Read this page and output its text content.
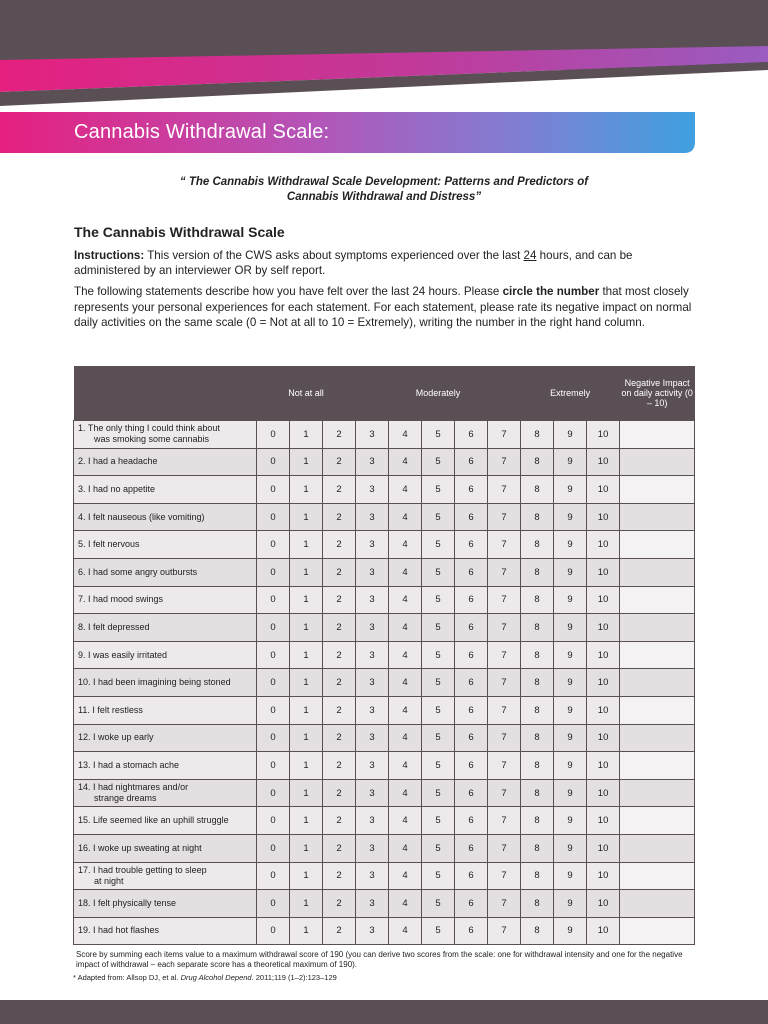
Cannabis Withdrawal Scale:
“ The Cannabis Withdrawal Scale Development: Patterns and Predictors of
Cannabis Withdrawal and Distress”
The Cannabis Withdrawal Scale
Instructions: This version of the CWS asks about symptoms experienced over the last 24 hours, and can be administered by an interviewer OR by self report.
The following statements describe how you have felt over the last 24 hours. Please circle the number that most closely represents your personal experiences for each statement. For each statement, please rate its negative impact on normal daily activities on the same scale (0 = Not at all to 10 = Extremely), writing the number in the right hand column.
	Not at all			Moderately					Extremely			Negative Impact on daily activity (0 – 10)
1. The only thing I could think about
was smoking some cannabis	0	1	2	3	4	5	6	7	8	9	10	
2. I had a headache	0	1	2	3	4	5	6	7	8	9	10	
3. I had no appetite	0	1	2	3	4	5	6	7	8	9	10	
4. I felt nauseous (like vomiting)	0	1	2	3	4	5	6	7	8	9	10	
5. I felt nervous	0	1	2	3	4	5	6	7	8	9	10	
6. I had some angry outbursts	0	1	2	3	4	5	6	7	8	9	10	
7. I had mood swings	0	1	2	3	4	5	6	7	8	9	10	
8. I felt depressed	0	1	2	3	4	5	6	7	8	9	10	
9. I was easily irritated	0	1	2	3	4	5	6	7	8	9	10	
10. I had been imagining being stoned	0	1	2	3	4	5	6	7	8	9	10	
11. I felt restless	0	1	2	3	4	5	6	7	8	9	10	
12. I woke up early	0	1	2	3	4	5	6	7	8	9	10	
13. I had a stomach ache	0	1	2	3	4	5	6	7	8	9	10	
14. I had nightmares and/or
strange dreams	0	1	2	3	4	5	6	7	8	9	10	
15. Life seemed like an uphill struggle	0	1	2	3	4	5	6	7	8	9	10	
16. I woke up sweating at night	0	1	2	3	4	5	6	7	8	9	10	
17. I had trouble getting to sleep
at night	0	1	2	3	4	5	6	7	8	9	10	
18. I felt physically tense	0	1	2	3	4	5	6	7	8	9	10	
19. I had hot flashes	0	1	2	3	4	5	6	7	8	9	10	
Score by summing each items value to a maximum withdrawal score of 190 (you can derive two scores from the scale: one for withdrawal intensity and one for the negative impact of withdrawal – each separate score has a theoretical maximum of 190).
* Adapted from: Allsop DJ, et al. Drug Alcohol Depend. 2011;119 (1–2):123–129
